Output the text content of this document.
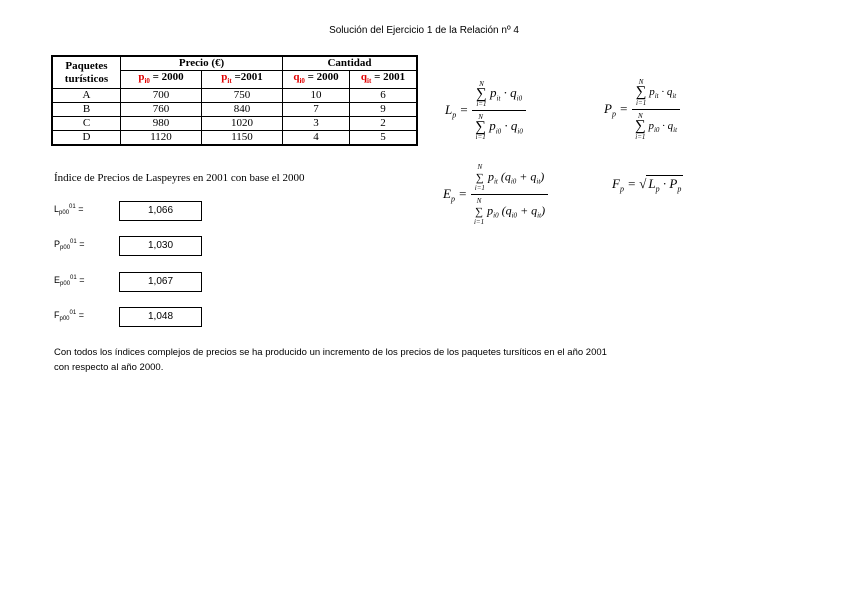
Solución del Ejercicio 1 de la Relación nº 4
Paquetes
turísticos	Precio (€)		Cantidad	
	$p_{i0} = 2000$	$p_{it} =2001$	$q_{i0} = 2000$	$q_{it} = 2001$
A	700	750	10	6
B	760	840	7	9
C	980	1020	3	2
D	1120	1150	4	5
Índice de Precios de Laspeyres en 2001 con base el 2000
$L_{p00}^{01}$ =	1,066
$P_{p00}^{01}$ =	1,030
$E_{p00}^{01}$ =	1,067
$F_{p00}^{01}$ =	1,048
Con todos los índices complejos de precios se ha producido un incremento de los precios de los paquetes tursíticos en el año 2001
con respecto al año 2000.
$L_p = N$
∑
i=1
$p_{it} \cdot q_{i0}$
N
∑
i=1
$p_{i0} \cdot q_{i0}$	$P_p = N$
∑
i=1
$p_{it} \cdot q_{it}$
N
∑
i=1
$p_{i0} \cdot q_{it}$
$E_p = N$
∑
i=1
$p_{it}$ $(q_{i0} + q_{it})$
N
∑
i=1
$p_{i0}$ $(q_{i0} + q_{it})$	$F_p$ = √ $L_p \cdot P_p$
